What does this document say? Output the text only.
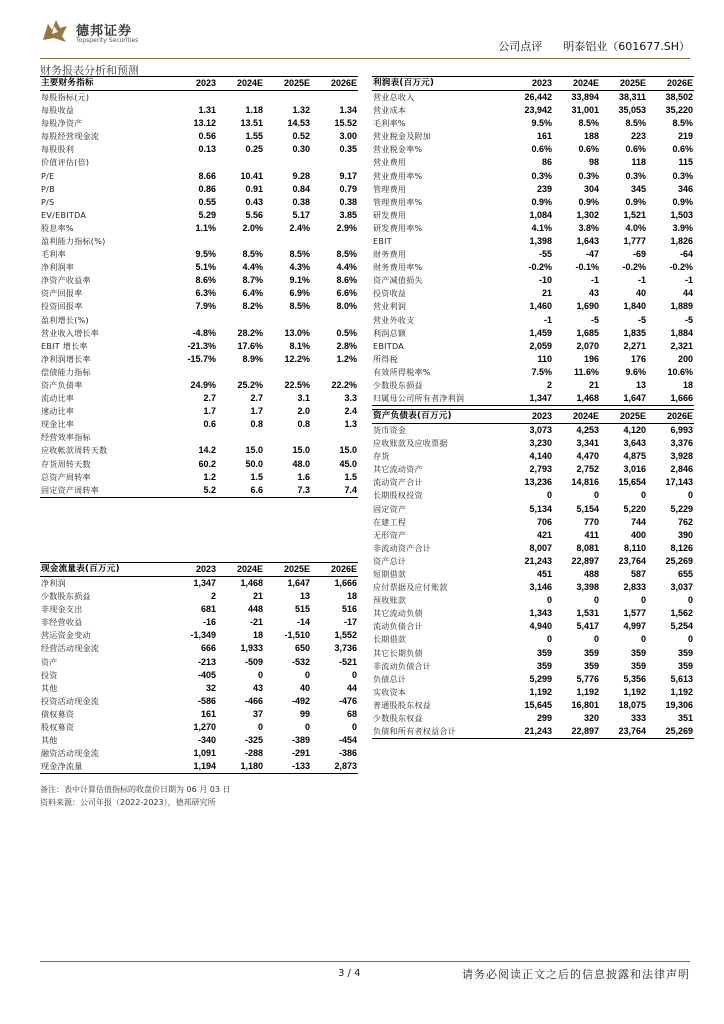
德邦证券
Topsperity Securities	公司点评 明泰铝业（601677.SH）
财务报表分析和预测
主要财务指标	2023	2024E	2025E	2026E
每股指标(元)				
每股收益	1.31	1.18	1.32	1.34
每股净资产	13.12	13.51	14.53	15.52
每股经营现金流	0.56	1.55	0.52	3.00
每股股利	0.13	0.25	0.30	0.35
价值评估(倍)				
P/E	8.66	10.41	9.28	9.17
P/B	0.86	0.91	0.84	0.79
P/S	0.55	0.43	0.38	0.38
EV/EBITDA	5.29	5.56	5.17	3.85
股息率%	1.1%	2.0%	2.4%	2.9%
盈利能力指标(%)				
毛利率	9.5%	8.5%	8.5%	8.5%
净利润率	5.1%	4.4%	4.3%	4.4%
净资产收益率	8.6%	8.7%	9.1%	8.6%
资产回报率	6.3%	6.4%	6.9%	6.6%
投资回报率	7.9%	8.2%	8.5%	8.0%
盈利增长(%)				
营业收入增长率	-4.8%	28.2%	13.0%	0.5%
EBIT 增长率	-21.3%	17.6%	8.1%	2.8%
净利润增长率	-15.7%	8.9%	12.2%	1.2%
偿债能力指标				
资产负债率	24.9%	25.2%	22.5%	22.2%
流动比率	2.7	2.7	3.1	3.3
速动比率	1.7	1.7	2.0	2.4
现金比率	0.6	0.8	0.8	1.3
经营效率指标				
应收帐款周转天数	14.2	15.0	15.0	15.0
存货周转天数	60.2	50.0	48.0	45.0
总资产周转率	1.2	1.5	1.6	1.5
固定资产周转率	5.2	6.6	7.3	7.4
利润表(百万元)	2023	2024E	2025E	2026E
营业总收入	26,442	33,894	38,311	38,502
营业成本	23,942	31,001	35,053	35,220
毛利率%	9.5%	8.5%	8.5%	8.5%
营业税金及附加	161	188	223	219
营业税金率%	0.6%	0.6%	0.6%	0.6%
营业费用	86	98	118	115
营业费用率%	0.3%	0.3%	0.3%	0.3%
管理费用	239	304	345	346
管理费用率%	0.9%	0.9%	0.9%	0.9%
研发费用	1,084	1,302	1,521	1,503
研发费用率%	4.1%	3.8%	4.0%	3.9%
EBIT	1,398	1,643	1,777	1,826
财务费用	-55	-47	-69	-64
财务费用率%	-0.2%	-0.1%	-0.2%	-0.2%
资产减值损失	-10	-1	-1	-1
投资收益	21	43	40	44
营业利润	1,460	1,690	1,840	1,889
营业外收支	-1	-5	-5	-5
利润总额	1,459	1,685	1,835	1,884
EBITDA	2,059	2,070	2,271	2,321
所得税	110	196	176	200
有效所得税率%	7.5%	11.6%	9.6%	10.6%
少数股东损益	2	21	13	18
归属母公司所有者净利润	1,347	1,468	1,647	1,666
资产负债表(百万元)	2023	2024E	2025E	2026E
货币资金	3,073	4,253	4,120	6,993
应收账款及应收票据	3,230	3,341	3,643	3,376
存货	4,140	4,470	4,875	3,928
其它流动资产	2,793	2,752	3,016	2,846
流动资产合计	13,236	14,816	15,654	17,143
长期股权投资	0	0	0	0
固定资产	5,134	5,154	5,220	5,229
在建工程	706	770	744	762
无形资产	421	411	400	390
非流动资产合计	8,007	8,081	8,110	8,126
资产总计	21,243	22,897	23,764	25,269
短期借款	451	488	587	655
应付票据及应付账款	3,146	3,398	2,833	3,037
预收账款	0	0	0	0
其它流动负债	1,343	1,531	1,577	1,562
流动负债合计	4,940	5,417	4,997	5,254
长期借款	0	0	0	0
其它长期负债	359	359	359	359
非流动负债合计	359	359	359	359
负债总计	5,299	5,776	5,356	5,613
实收资本	1,192	1,192	1,192	1,192
普通股股东权益	15,645	16,801	18,075	19,306
少数股东权益	299	320	333	351
负债和所有者权益合计	21,243	22,897	23,764	25,269
现金流量表(百万元)	2023	2024E	2025E	2026E
净利润	1,347	1,468	1,647	1,666
少数股东损益	2	21	13	18
非现金支出	681	448	515	516
非经营收益	-16	-21	-14	-17
营运资金变动	-1,349	18	-1,510	1,552
经营活动现金流	666	1,933	650	3,736
资产	-213	-509	-532	-521
投资	-405	0	0	0
其他	32	43	40	44
投资活动现金流	-586	-466	-492	-476
债权募资	161	37	99	68
股权募资	1,270	0	0	0
其他	-340	-325	-389	-454
融资活动现金流	1,091	-288	-291	-386
现金净流量	1,194	1,180	-133	2,873
备注：表中计算估值指标的收盘价日期为 06 月 03 日
资料来源：公司年报（2022-2023），德邦研究所
3 / 4	请务必阅读正文之后的信息披露和法律声明
